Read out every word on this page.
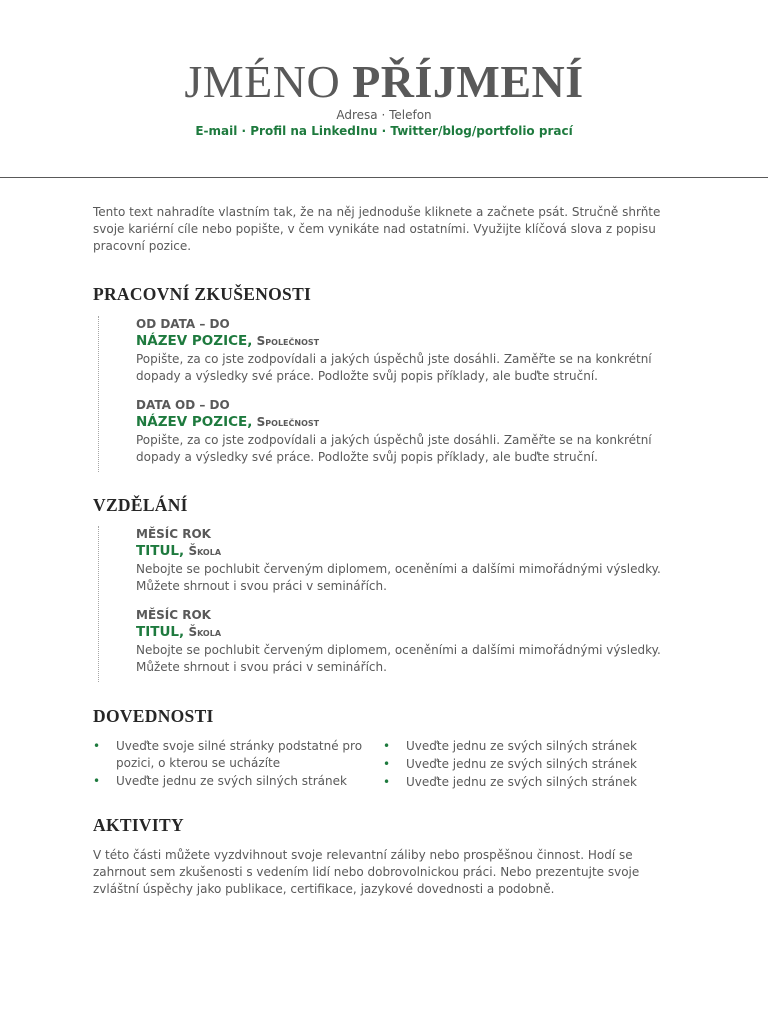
JMÉNO PŘÍJMENÍ
Adresa · Telefon
E-mail · Profil na LinkedInu · Twitter/blog/portfolio prací
Tento text nahradíte vlastním tak, že na něj jednoduše kliknete a začnete psát. Stručně shrňte svoje kariérní cíle nebo popište, v čem vynikáte nad ostatními. Využijte klíčová slova z popisu pracovní pozice.
PRACOVNÍ ZKUŠENOSTI
OD DATA – DO
NÁZEV POZICE, Společnost
Popište, za co jste zodpovídali a jakých úspěchů jste dosáhli. Zaměřte se na konkrétní dopady a výsledky své práce. Podložte svůj popis příklady, ale buďte struční.
DATA OD – DO
NÁZEV POZICE, Společnost
Popište, za co jste zodpovídali a jakých úspěchů jste dosáhli. Zaměřte se na konkrétní dopady a výsledky své práce. Podložte svůj popis příklady, ale buďte struční.
VZDĚLÁNÍ
MĚSÍC ROK
TITUL, Škola
Nebojte se pochlubit červeným diplomem, oceněními a dalšími mimořádnými výsledky. Můžete shrnout i svou práci v seminářích.
MĚSÍC ROK
TITUL, Škola
Nebojte se pochlubit červeným diplomem, oceněními a dalšími mimořádnými výsledky. Můžete shrnout i svou práci v seminářích.
DOVEDNOSTI
• Uveďte svoje silné stránky podstatné pro pozici, o kterou se ucházíte
• Uveďte jednu ze svých silných stránek
• Uveďte jednu ze svých silných stránek
• Uveďte jednu ze svých silných stránek
• Uveďte jednu ze svých silných stránek
AKTIVITY
V této části můžete vyzdvihnout svoje relevantní záliby nebo prospěšnou činnost. Hodí se zahrnout sem zkušenosti s vedením lidí nebo dobrovolnickou práci. Nebo prezentujte svoje zvláštní úspěchy jako publikace, certifikace, jazykové dovednosti a podobně.
